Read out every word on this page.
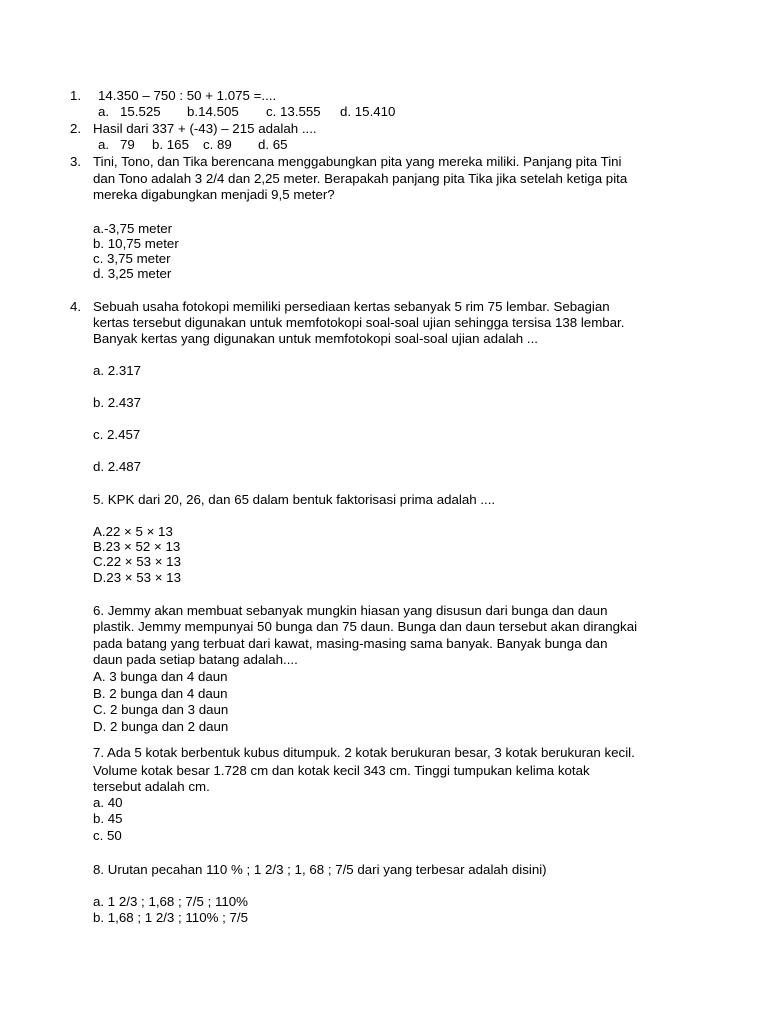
1. 14.350 – 750 : 50 + 1.075 =....
a. 15.525 b.14.505 c. 13.555 d. 15.410
2. Hasil dari 337 + (-43) – 215 adalah ....
a. 79 b. 165 c. 89 d. 65
3. Tini, Tono, dan Tika berencana menggabungkan pita yang mereka miliki. Panjang pita Tini
dan Tono adalah 3 2/4 dan 2,25 meter. Berapakah panjang pita Tika jika setelah ketiga pita
mereka digabungkan menjadi 9,5 meter?
a.-3,75 meter
b. 10,75 meter
c. 3,75 meter
d. 3,25 meter
4. Sebuah usaha fotokopi memiliki persediaan kertas sebanyak 5 rim 75 lembar. Sebagian
kertas tersebut digunakan untuk memfotokopi soal-soal ujian sehingga tersisa 138 lembar.
Banyak kertas yang digunakan untuk memfotokopi soal-soal ujian adalah ...
a. 2.317
b. 2.437
c. 2.457
d. 2.487
5. KPK dari 20, 26, dan 65 dalam bentuk faktorisasi prima adalah ....
A.22 × 5 × 13
B.23 × 52 × 13
C.22 × 53 × 13
D.23 × 53 × 13
6. Jemmy akan membuat sebanyak mungkin hiasan yang disusun dari bunga dan daun
plastik. Jemmy mempunyai 50 bunga dan 75 daun. Bunga dan daun tersebut akan dirangkai
pada batang yang terbuat dari kawat, masing-masing sama banyak. Banyak bunga dan
daun pada setiap batang adalah....
A. 3 bunga dan 4 daun
B. 2 bunga dan 4 daun
C. 2 bunga dan 3 daun
D. 2 bunga dan 2 daun
7. Ada 5 kotak berbentuk kubus ditumpuk. 2 kotak berukuran besar, 3 kotak berukuran kecil.
Volume kotak besar 1.728 cm dan kotak kecil 343 cm. Tinggi tumpukan kelima kotak
tersebut adalah cm.
a. 40
b. 45
c. 50
8. Urutan pecahan 110 % ; 1 2/3 ; 1, 68 ; 7/5 dari yang terbesar adalah disini)
a. 1 2/3 ; 1,68 ; 7/5 ; 110%
b. 1,68 ; 1 2/3 ; 110% ; 7/5
